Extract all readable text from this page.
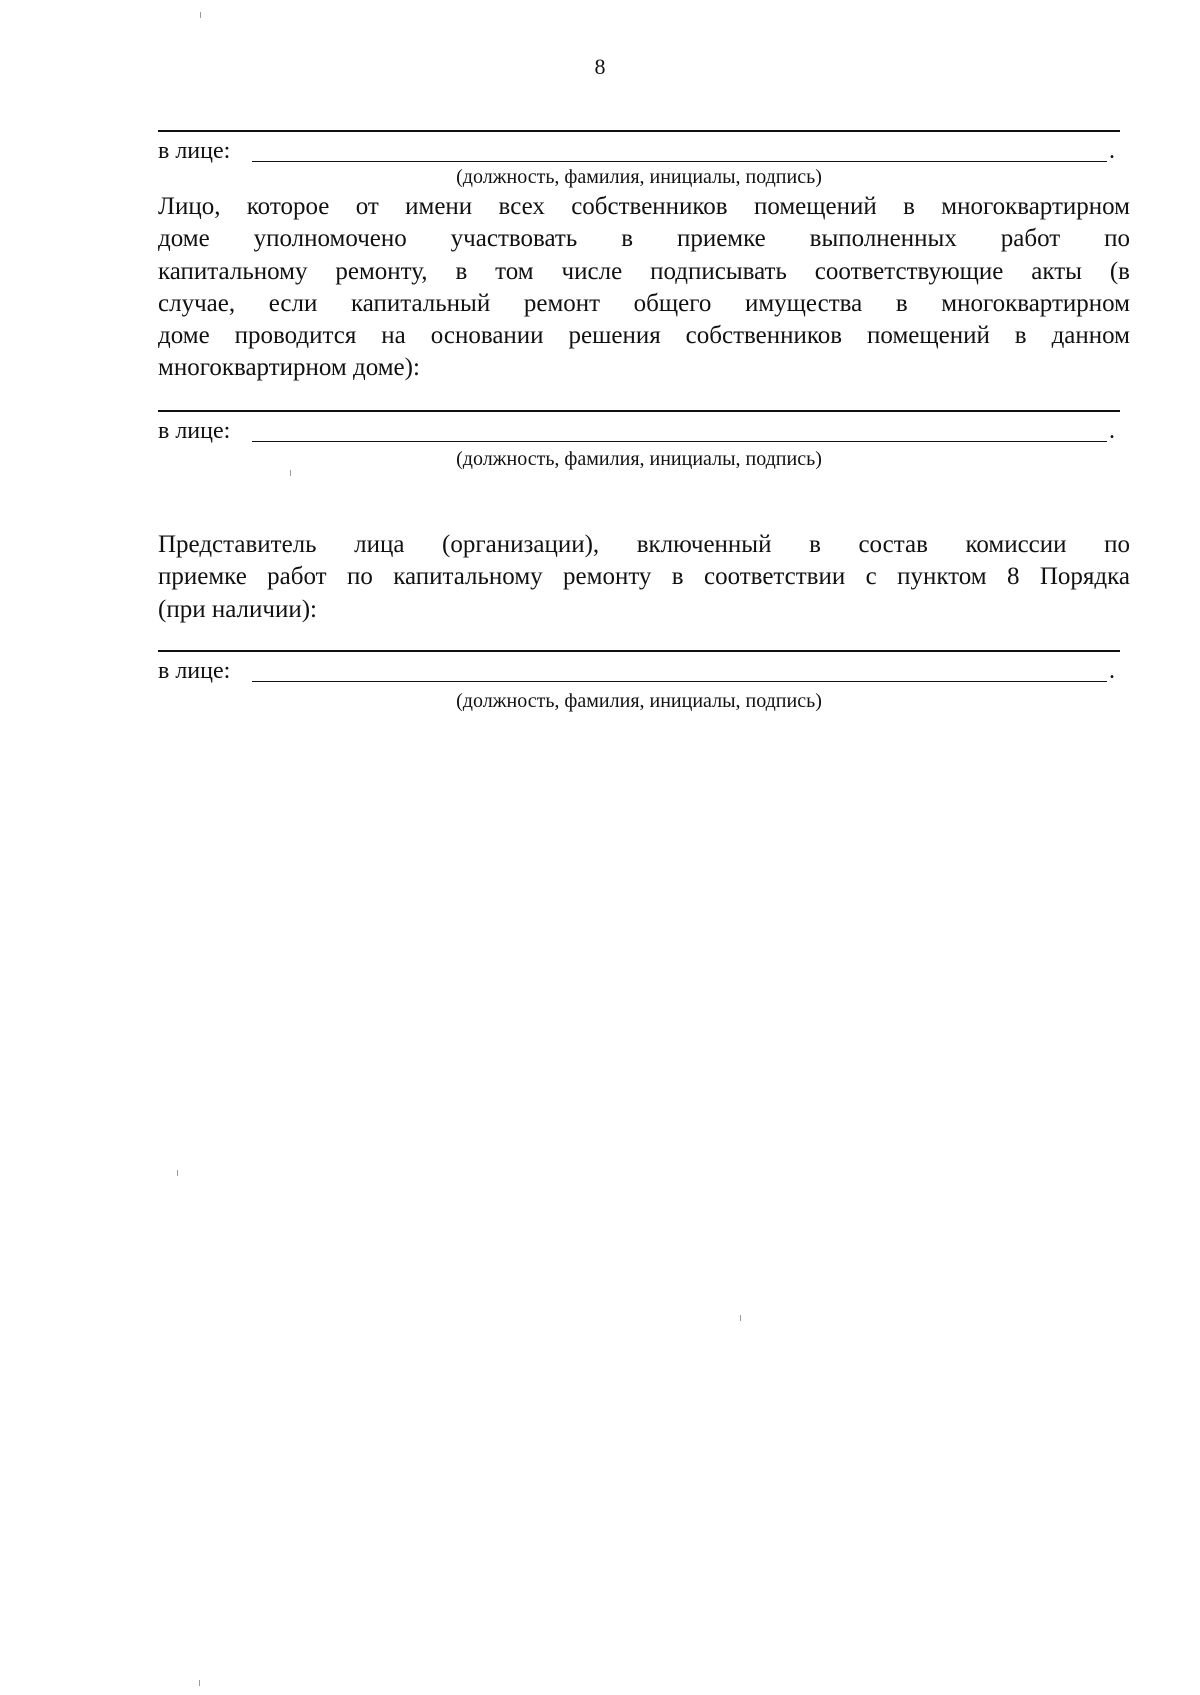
8
в лице:	.
(должность, фамилия, инициалы, подпись)

Лицо, которое от имени всех собственников помещений в многоквартирном
доме уполномочено участвовать в приемке выполненных работ по
капитальному ремонту, в том числе подписывать соответствующие акты (в
случае, если капитальный ремонт общего имущества в многоквартирном
доме проводится на основании решения собственников помещений в данном
многоквартирном доме):

в лице:	.
(должность, фамилия, инициалы, подпись)

Представитель лица (организации), включенный в состав комиссии по
приемке работ по капитальному ремонту в соответствии с пунктом 8 Порядка
(при наличии):

в лице:	.
(должность, фамилия, инициалы, подпись)
